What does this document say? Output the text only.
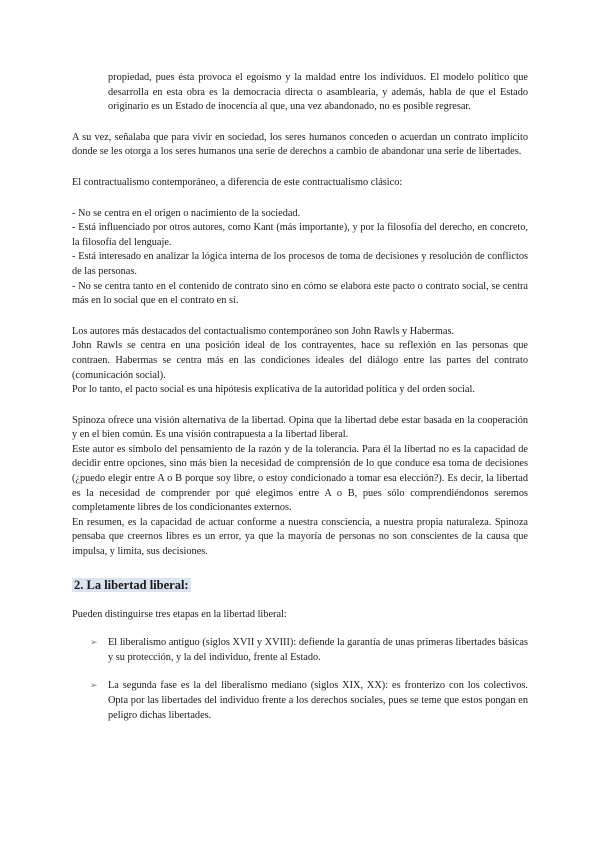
propiedad, pues ésta provoca el egoísmo y la maldad entre los individuos. El modelo político que desarrolla en esta obra es la democracia directa o asamblearia, y además, habla de que el Estado originario es un Estado de inocencia al que, una vez abandonado, no es posible regresar.

A su vez, señalaba que para vivir en sociedad, los seres humanos conceden o acuerdan un contrato implícito donde se les otorga a los seres humanos una serie de derechos a cambio de abandonar una serie de libertades.

El contractualismo contemporáneo, a diferencia de este contractualismo clásico:

- No se centra en el origen o nacimiento de la sociedad.

- Está influenciado por otros autores, como Kant (más importante), y por la filosofía del derecho, en concreto, la filosofía del lenguaje.

- Está interesado en analizar la lógica interna de los procesos de toma de decisiones y resolución de conflictos de las personas.

- No se centra tanto en el contenido de contrato sino en cómo se elabora este pacto o contrato social, se centra más en lo social que en el contrato en sí.

Los autores más destacados del contactualismo contemporáneo son John Rawls y Habermas.

John Rawls se centra en una posición ideal de los contrayentes, hace su reflexión en las personas que contraen. Habermas se centra más en las condiciones ideales del diálogo entre las partes del contrato (comunicación social).

Por lo tanto, el pacto social es una hipótesis explicativa de la autoridad política y del orden social.

Spinoza ofrece una visión alternativa de la libertad. Opina que la libertad debe estar basada en la cooperación y en el bien común. Es una visión contrapuesta a la libertad liberal.

Este autor es símbolo del pensamiento de la razón y de la tolerancia. Para él la libertad no es la capacidad de decidir entre opciones, sino más bien la necesidad de comprensión de lo que conduce esa toma de decisiones (¿puedo elegir entre A o B porque soy libre, o estoy condicionado a tomar esa elección?). Es decir, la libertad es la necesidad de comprender por qué elegimos entre A o B, pues sólo comprendiéndonos seremos completamente libres de los condicionantes externos.

En resumen, es la capacidad de actuar conforme a nuestra consciencia, a nuestra propia naturaleza. Spinoza pensaba que creernos libres es un error, ya que la mayoría de personas no son conscientes de la causa que impulsa, y limita, sus decisiones.

2. La libertad liberal:

Pueden distinguirse tres etapas en la libertad liberal:

➢ El liberalismo antiguo (siglos XVII y XVIII): defiende la garantía de unas primeras libertades básicas y su protección, y la del individuo, frente al Estado.
➢ La segunda fase es la del liberalismo mediano (siglos XIX, XX): es fronterizo con los colectivos. Opta por las libertades del individuo frente a los derechos sociales, pues se teme que estos pongan en peligro dichas libertades.
